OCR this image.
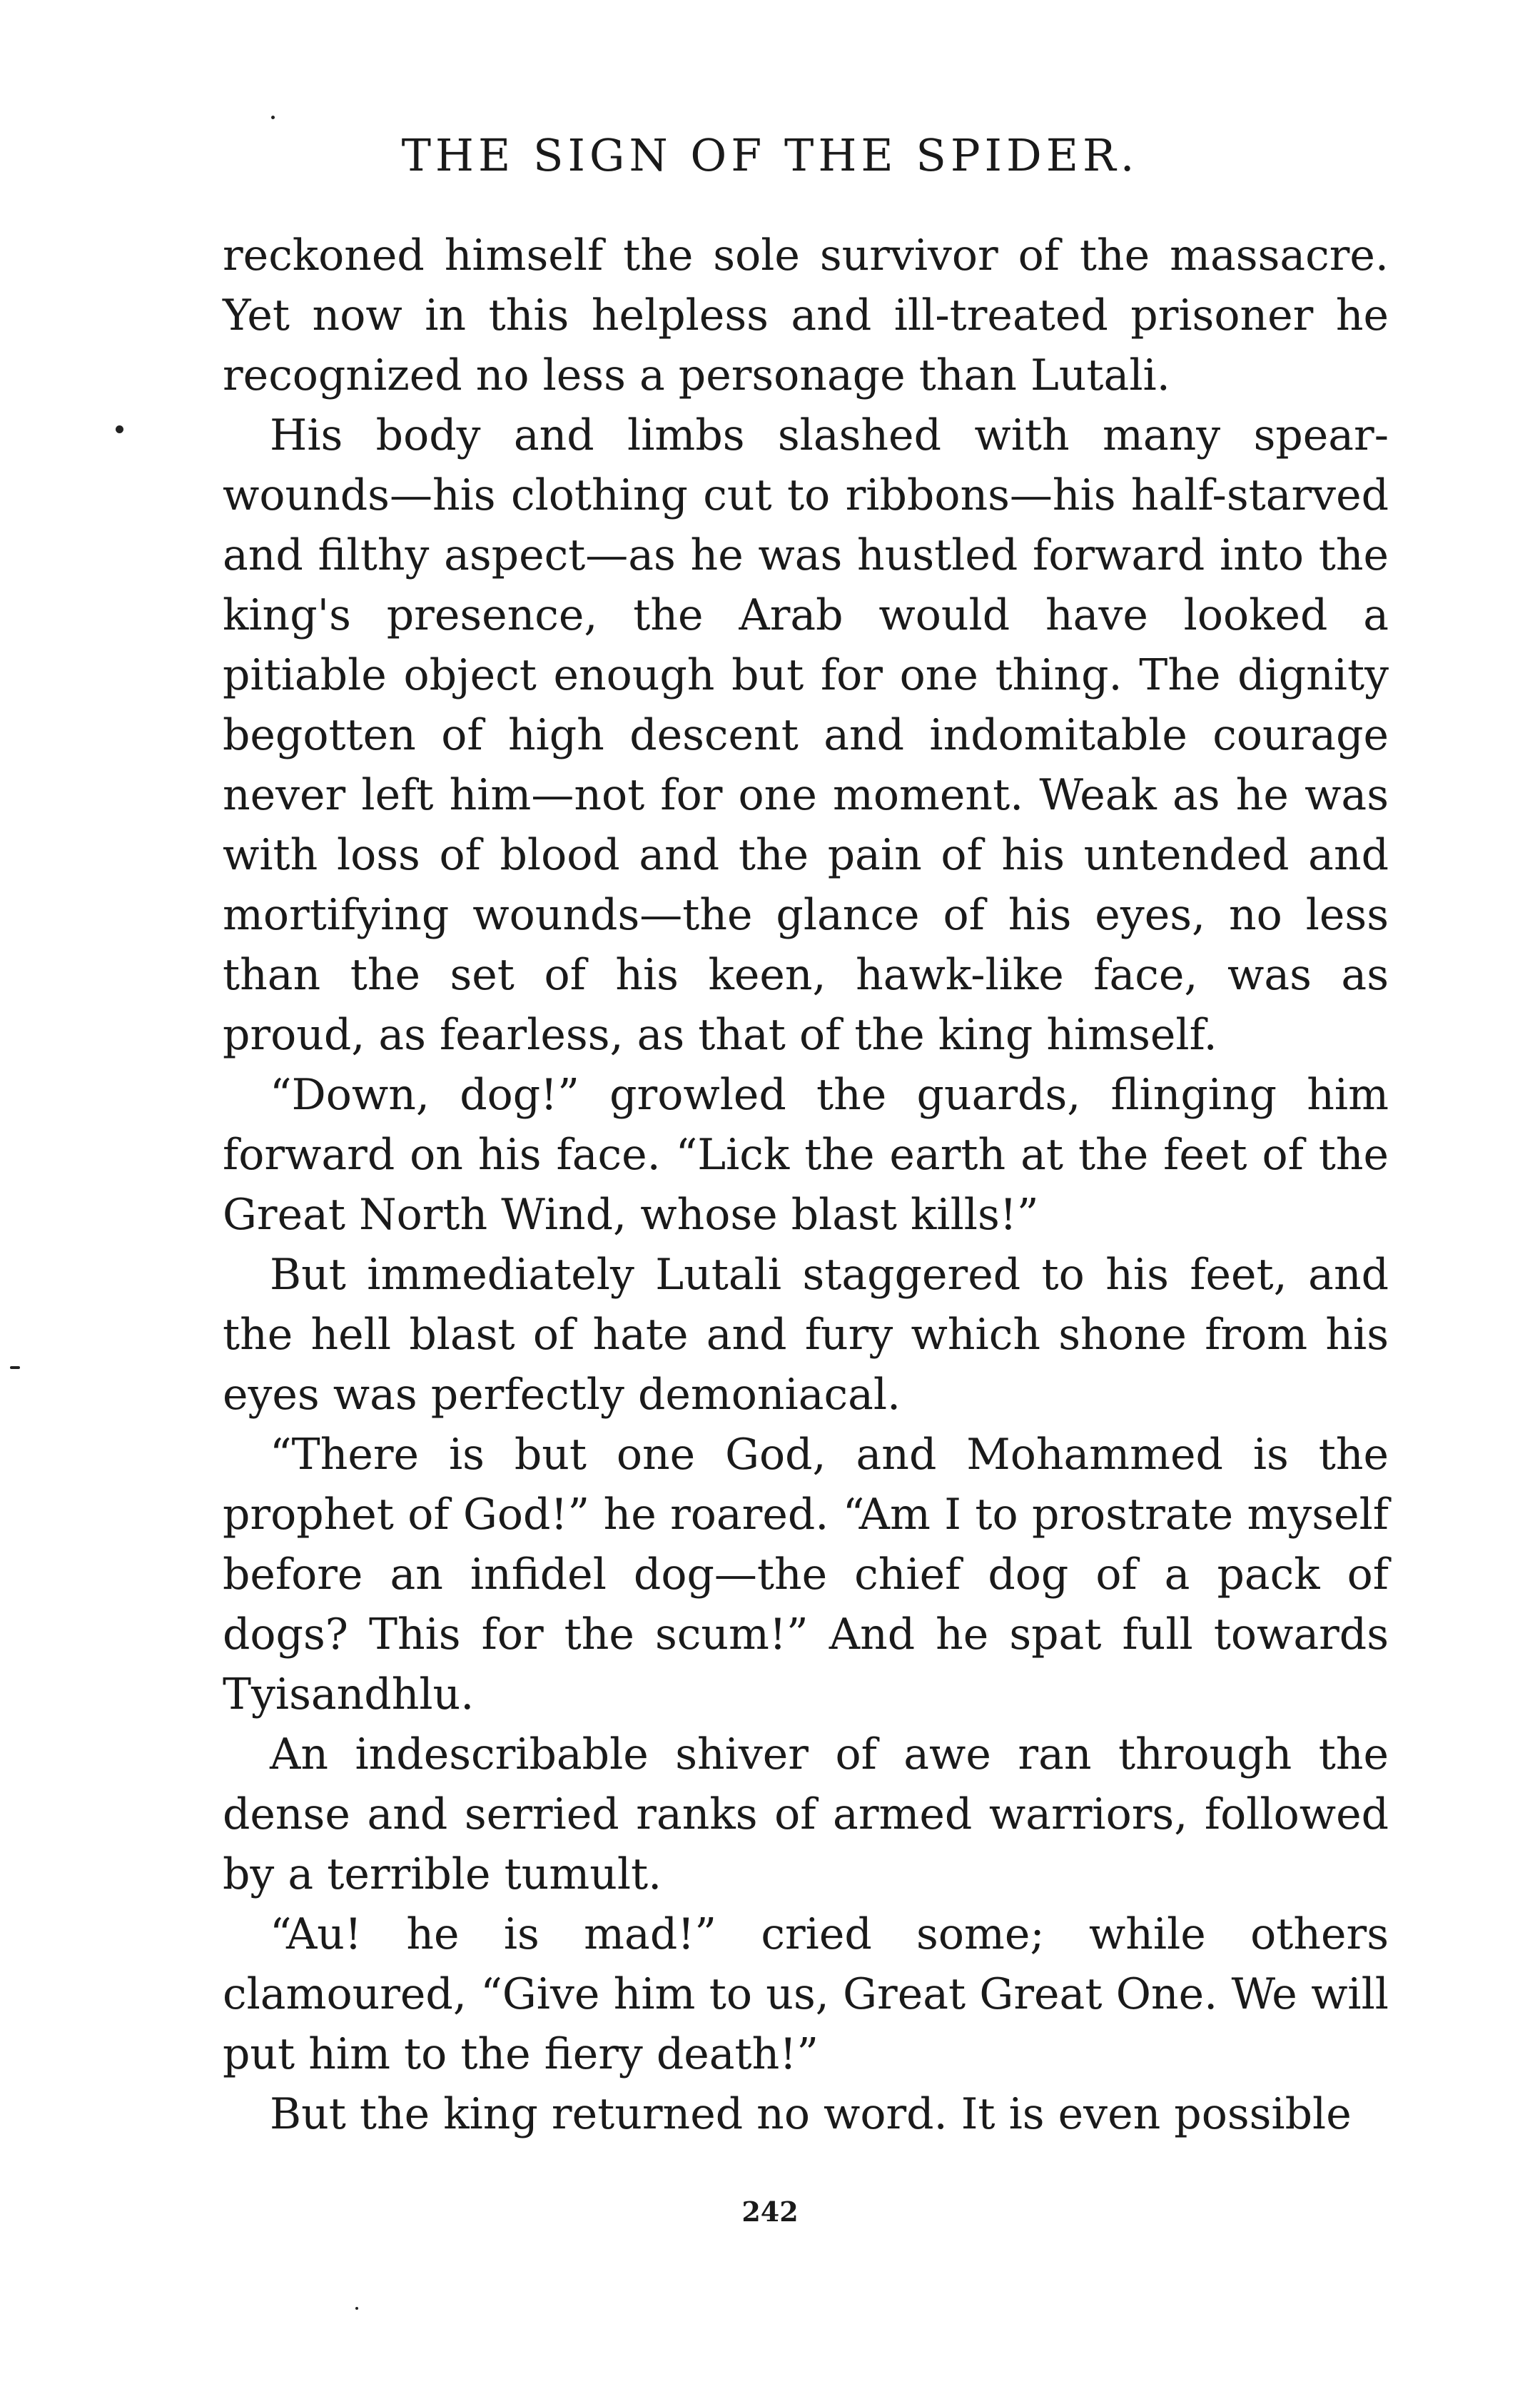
THE SIGN OF THE SPIDER.

reckoned himself the sole survivor of the massacre. Yet now in this helpless and ill-treated prisoner he recognized no less a personage than Lutali.

His body and limbs slashed with many spear-wounds—his clothing cut to ribbons—his half-starved and filthy aspect—as he was hustled forward into the king's presence, the Arab would have looked a pitiable object enough but for one thing. The dignity begotten of high descent and indomitable courage never left him—not for one moment. Weak as he was with loss of blood and the pain of his untended and mortifying wounds—the glance of his eyes, no less than the set of his keen, hawk-like face, was as proud, as fearless, as that of the king himself.

“Down, dog!” growled the guards, flinging him forward on his face. “Lick the earth at the feet of the Great North Wind, whose blast kills!”

But immediately Lutali staggered to his feet, and the hell blast of hate and fury which shone from his eyes was perfectly demoniacal.

“There is but one God, and Mohammed is the prophet of God!” he roared. “Am I to prostrate myself before an infidel dog—the chief dog of a pack of dogs? This for the scum!” And he spat full towards Tyisandhlu.

An indescribable shiver of awe ran through the dense and serried ranks of armed warriors, followed by a terrible tumult.

“Au! he is mad!” cried some; while others clamoured, “Give him to us, Great Great One. We will put him to the fiery death!”

But the king returned no word. It is even possible

242
